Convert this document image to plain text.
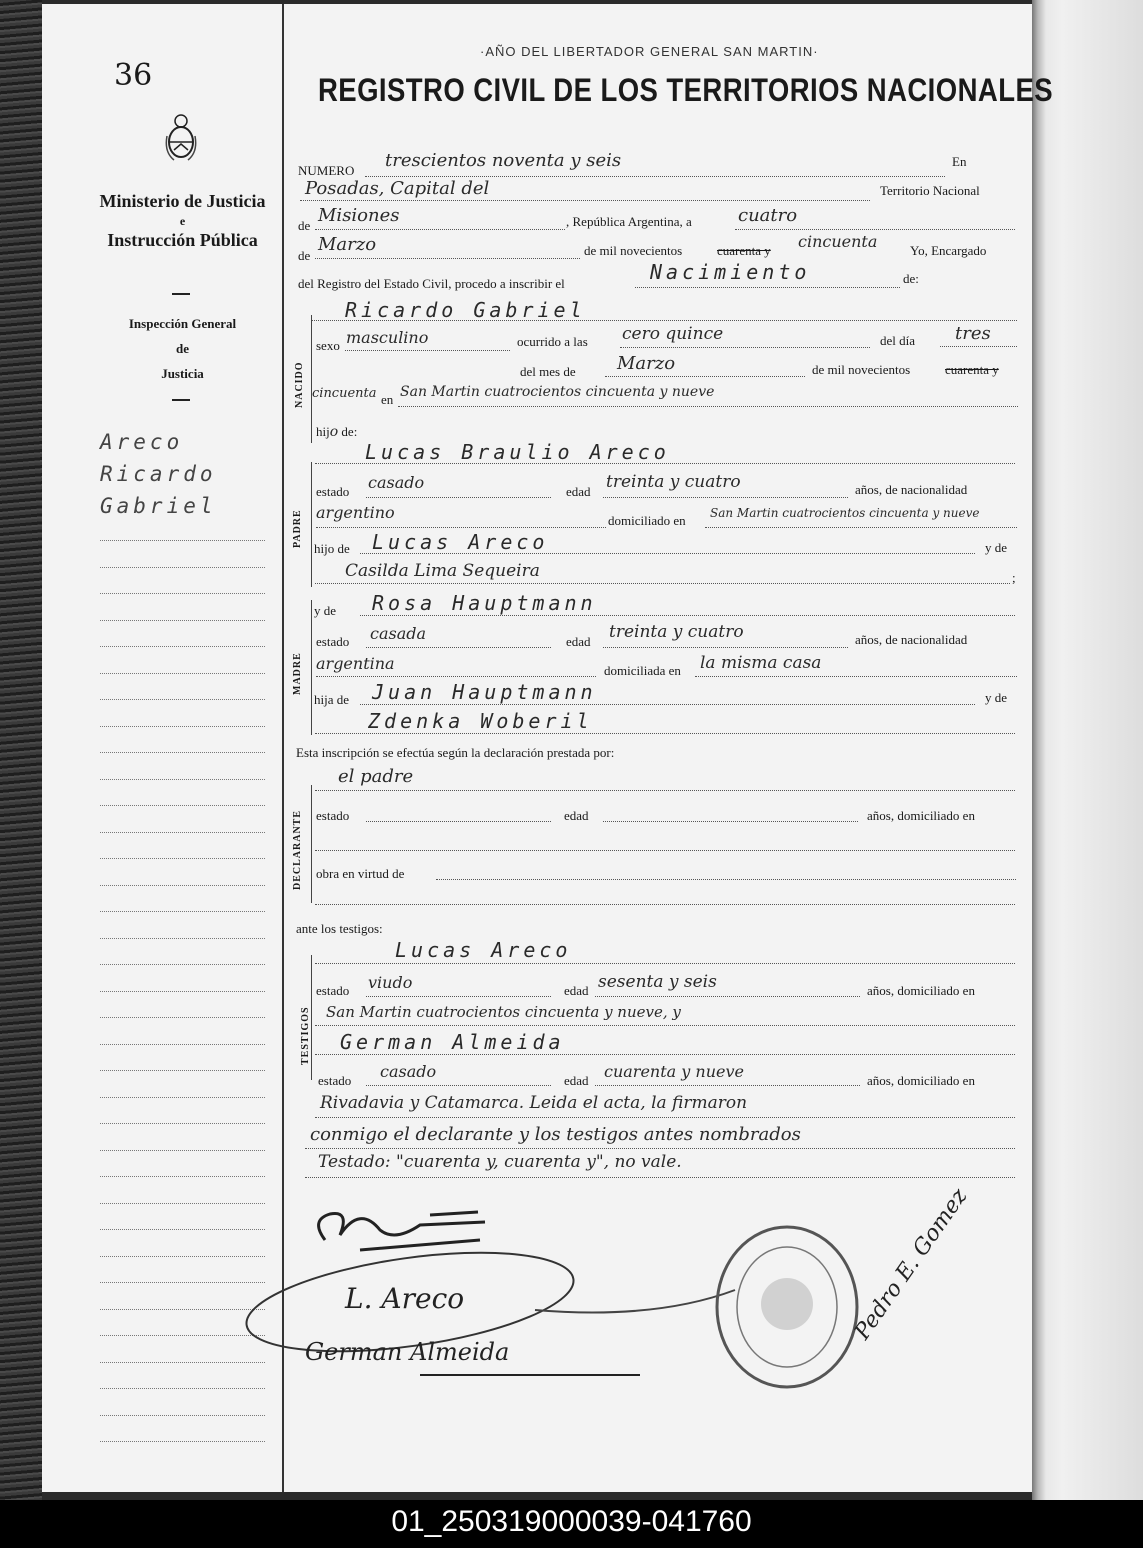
36
Ministerio de Justicia
e
Instrucción Pública
Inspección General
de
Justicia
Areco
Ricardo
Gabriel
·AÑO DEL LIBERTADOR GENERAL SAN MARTIN·
REGISTRO CIVIL DE LOS TERRITORIOS NACIONALES
NUMERO trescientos noventa y seis	En
Posadas, Capital del	Territorio Nacional
de Misiones	, República Argentina, a	cuatro
de
Marzo	de mil novecientos	cuarenta y cincuenta	Yo, Encargado
del Registro del Estado Civil, procedo a inscribir el	Nacimiento	de:
Ricardo Gabriel
NACIDO
sexo masculino	ocurrido a las cero quince	del día tres
del mes de Marzo	de mil novecientos	cuarenta y
cincuenta en San Martin cuatrocientos cincuenta y nueve
hijo de:
Lucas Braulio Areco
PADRE
estado casado	edad treinta y cuatro	años, de nacionalidad
argentino	domiciliado en San Martin cuatrocientos cincuenta y nueve
hijo de Lucas Areco	y de
Casilda Lima Sequeira	;
y de Rosa Hauptmann
MADRE
estado casada	edad treinta y cuatro	años, de nacionalidad
argentina	domiciliada en la misma casa
hija de Juan Hauptmann	y de
Zdenka Woberil
Esta inscripción se efectúa según la declaración prestada por:
el padre
DECLARANTE estado	edad	años, domiciliado en
obra en virtud de
ante los testigos:
Lucas Areco
TESTIGOS
estado viudo	edad sesenta y seis	años, domiciliado en
San Martin cuatrocientos cincuenta y nueve, y
German Almeida
estado casado	edad cuarenta y nueve	años, domiciliado en
Rivadavia y Catamarca. Leida el acta, la firmaron
conmigo el declarante y los testigos antes nombrados
Testado: "cuarenta y, cuarenta y", no vale.
L. Areco
German Almeida
Pedro E. Gomez
01_250319000039-041760
